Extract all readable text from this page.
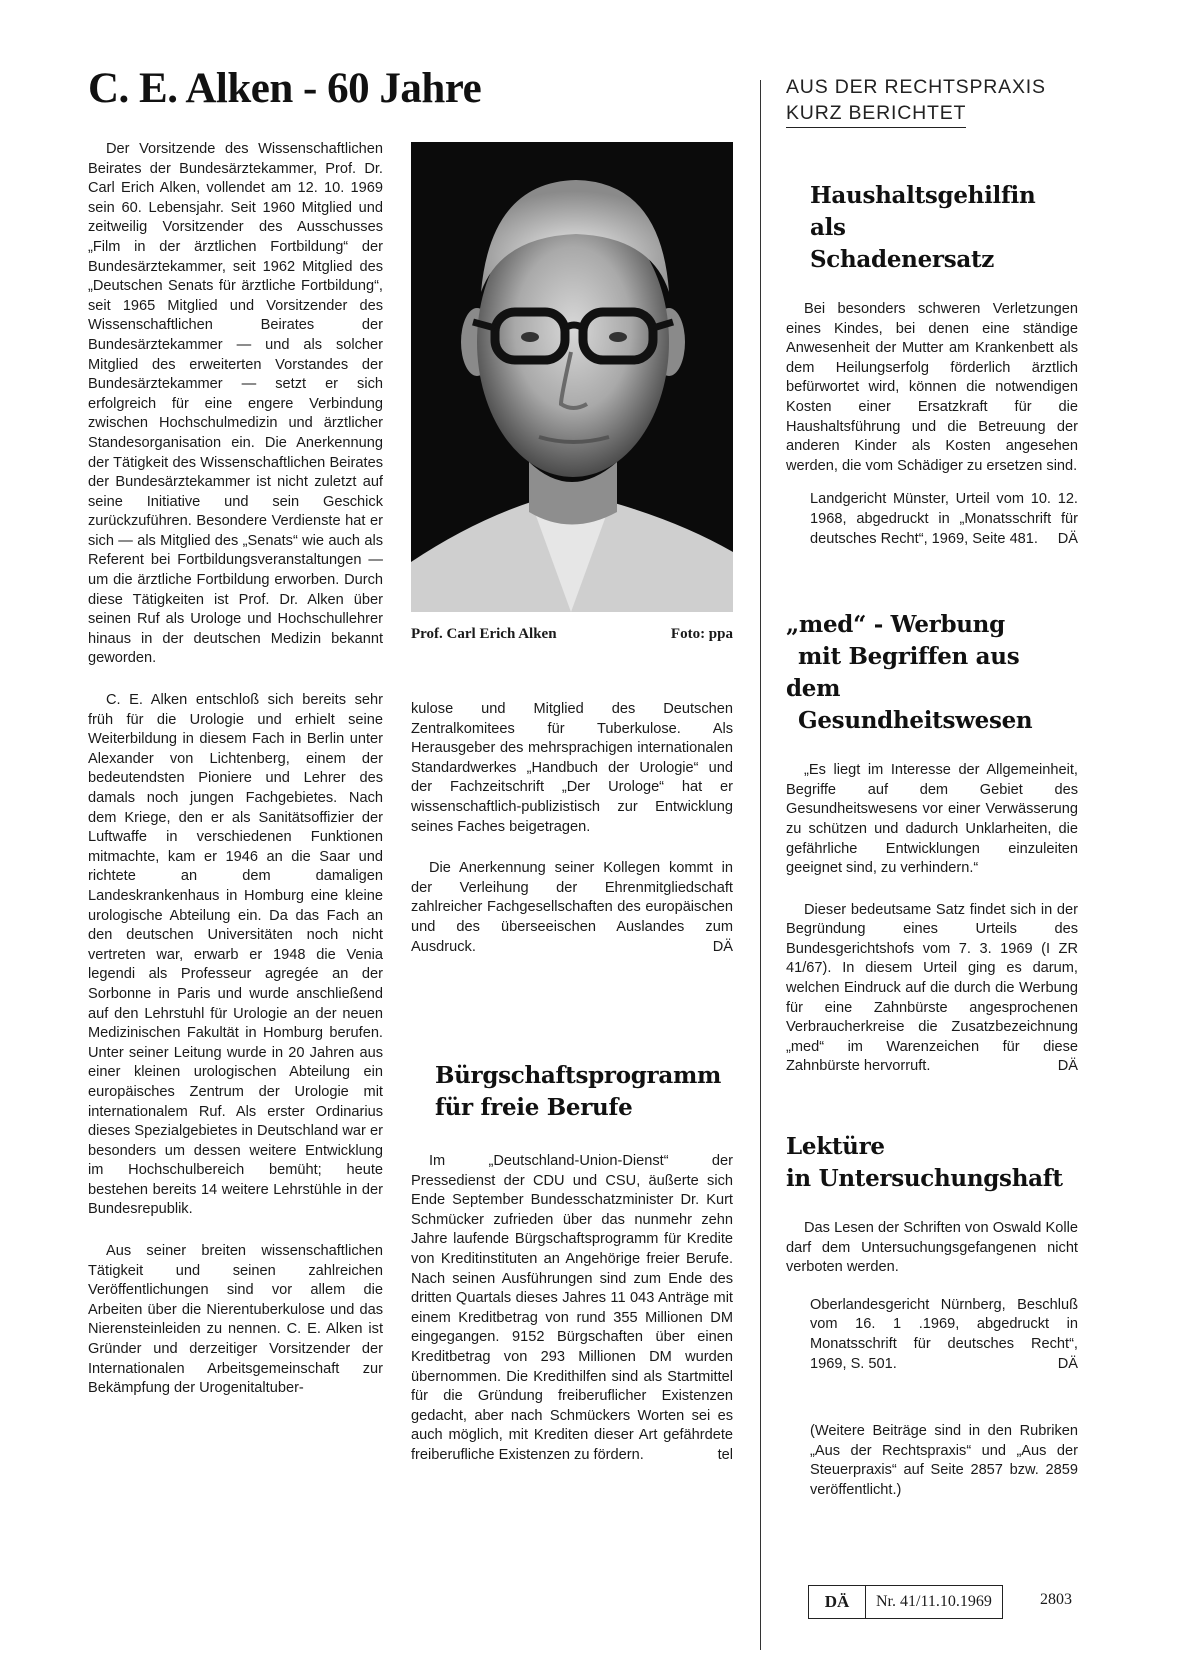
C. E. Alken - 60 Jahre

Der Vorsitzende des Wissenschaftlichen Beirates der Bundesärztekammer, Prof. Dr. Carl Erich Alken, vollendet am 12. 10. 1969 sein 60. Lebensjahr. Seit 1960 Mitglied und zeitweilig Vorsitzender des Ausschusses „Film in der ärztlichen Fortbildung“ der Bundesärztekammer, seit 1962 Mitglied des „Deutschen Senats für ärztliche Fortbildung“, seit 1965 Mitglied und Vorsitzender des Wissenschaftlichen Beirates der Bundesärztekammer — und als solcher Mitglied des erweiterten Vorstandes der Bundesärztekammer — setzt er sich erfolgreich für eine engere Verbindung zwischen Hochschulmedizin und ärztlicher Standesorganisation ein. Die Anerkennung der Tätigkeit des Wissenschaftlichen Beirates der Bundesärztekammer ist nicht zuletzt auf seine Initiative und sein Geschick zurückzuführen. Besondere Verdienste hat er sich — als Mitglied des „Senats“ wie auch als Referent bei Fortbildungsveranstaltungen — um die ärztliche Fortbildung erworben. Durch diese Tätigkeiten ist Prof. Dr. Alken über seinen Ruf als Urologe und Hochschullehrer hinaus in der deutschen Medizin bekannt geworden.

C. E. Alken entschloß sich bereits sehr früh für die Urologie und erhielt seine Weiterbildung in diesem Fach in Berlin unter Alexander von Lichtenberg, einem der bedeutendsten Pioniere und Lehrer des damals noch jungen Fachgebietes. Nach dem Kriege, den er als Sanitätsoffizier der Luftwaffe in verschiedenen Funktionen mitmachte, kam er 1946 an die Saar und richtete an dem damaligen Landeskrankenhaus in Homburg eine kleine urologische Abteilung ein. Da das Fach an den deutschen Universitäten noch nicht vertreten war, erwarb er 1948 die Venia legendi als Professeur agregée an der Sorbonne in Paris und wurde anschließend auf den Lehrstuhl für Urologie an der neuen Medizinischen Fakultät in Homburg berufen. Unter seiner Leitung wurde in 20 Jahren aus einer kleinen urologischen Abteilung ein europäisches Zentrum der Urologie mit internationalem Ruf. Als erster Ordinarius dieses Spezialgebietes in Deutschland war er besonders um dessen weitere Entwicklung im Hochschulbereich bemüht; heute bestehen bereits 14 weitere Lehrstühle in der Bundesrepublik.

Aus seiner breiten wissenschaftlichen Tätigkeit und seinen zahlreichen Veröffentlichungen sind vor allem die Arbeiten über die Nierentuberkulose und das Nierensteinleiden zu nennen. C. E. Alken ist Gründer und derzeitiger Vorsitzender der Internationalen Arbeitsgemeinschaft zur Bekämpfung der Urogenitaltuber-

Prof. Carl Erich Alken	Foto: ppa

kulose und Mitglied des Deutschen Zentralkomitees für Tuberkulose. Als Herausgeber des mehrsprachigen internationalen Standardwerkes „Handbuch der Urologie“ und der Fachzeitschrift „Der Urologe“ hat er wissenschaftlich-publizistisch zur Entwicklung seines Faches beigetragen.

Die Anerkennung seiner Kollegen kommt in der Verleihung der Ehrenmitgliedschaft zahlreicher Fachgesellschaften des europäischen und des überseeischen Auslandes zum Ausdruck.	DÄ

Bürgschaftsprogramm
für freie Berufe

Im „Deutschland-Union-Dienst“ der Pressedienst der CDU und CSU, äußerte sich Ende September Bundesschatzminister Dr. Kurt Schmücker zufrieden über das nunmehr zehn Jahre laufende Bürgschaftsprogramm für Kredite von Kreditinstituten an Angehörige freier Berufe. Nach seinen Ausführungen sind zum Ende des dritten Quartals dieses Jahres 11 043 Anträge mit einem Kreditbetrag von rund 355 Millionen DM eingegangen. 9152 Bürgschaften über einen Kreditbetrag von 293 Millionen DM wurden übernommen. Die Kredithilfen sind als Startmittel für die Gründung freiberuflicher Existenzen gedacht, aber nach Schmückers Worten sei es auch möglich, mit Krediten dieser Art gefährdete freiberufliche Existenzen zu fördern.	tel

AUS DER RECHTSPRAXIS
KURZ BERICHTET
Haushaltsgehilfin als
Schadenersatz

Bei besonders schweren Verletzungen eines Kindes, bei denen eine ständige Anwesenheit der Mutter am Krankenbett als dem Heilungserfolg förderlich ärztlich befürwortet wird, können die notwendigen Kosten einer Ersatzkraft für die Haushaltsführung und die Betreuung der anderen Kinder als Kosten angesehen werden, die vom Schädiger zu ersetzen sind.

Landgericht Münster, Urteil vom 10. 12. 1968, abgedruckt in „Monatsschrift für deutsches Recht“, 1969, Seite 481. DÄ

„med“ - Werbung
mit Begriffen aus dem
Gesundheitswesen

„Es liegt im Interesse der Allgemeinheit, Begriffe auf dem Gebiet des Gesundheitswesens vor einer Verwässerung zu schützen und dadurch Unklarheiten, die gefährliche Entwicklungen einzuleiten geeignet sind, zu verhindern.“

Dieser bedeutsame Satz findet sich in der Begründung eines Urteils des Bundesgerichtshofs vom 7. 3. 1969 (I ZR 41/67). In diesem Urteil ging es darum, welchen Eindruck auf die durch die Werbung für eine Zahnbürste angesprochenen Verbraucherkreise die Zusatzbezeichnung „med“ im Warenzeichen für diese Zahnbürste hervorruft.	DÄ

Lektüre
in Untersuchungshaft

Das Lesen der Schriften von Oswald Kolle darf dem Untersuchungsgefangenen nicht verboten werden.

Oberlandesgericht Nürnberg, Beschluß vom 16. 1 .1969, abgedruckt in Monatsschrift für deutsches Recht“, 1969, S. 501.	DÄ

(Weitere Beiträge sind in den Rubriken „Aus der Rechtspraxis“ und „Aus der Steuerpraxis“ auf Seite 2857 bzw. 2859 veröffentlicht.)

DÄ	Nr. 41/11.10.1969	2803
